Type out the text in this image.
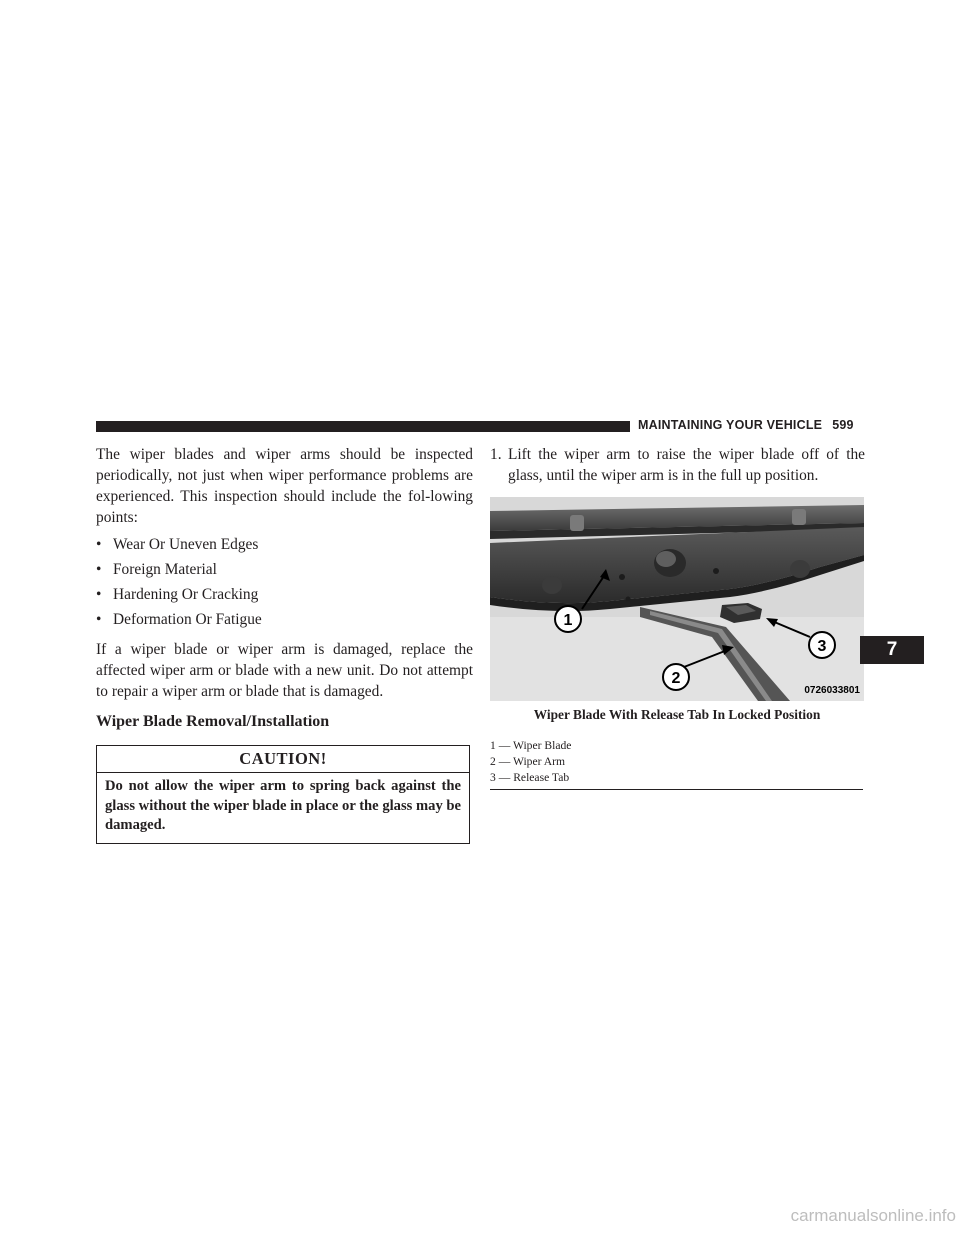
MAINTAINING YOUR VEHICLE 599

The wiper blades and wiper arms should be inspected periodically, not just when wiper performance problems are experienced. This inspection should include the fol-lowing points:

• Wear Or Uneven Edges
• Foreign Material
• Hardening Or Cracking
• Deformation Or Fatigue

If a wiper blade or wiper arm is damaged, replace the affected wiper arm or blade with a new unit. Do not attempt to repair a wiper arm or blade that is damaged.

Wiper Blade Removal/Installation
CAUTION!
Do not allow the wiper arm to spring back against the glass without the wiper blade in place or the glass may be damaged.

1. Lift the wiper arm to raise the wiper blade off of the glass, until the wiper arm is in the full up position.

1
2
3
0726033801
Wiper Blade With Release Tab In Locked Position
1 — Wiper Blade
2 — Wiper Arm
3 — Release Tab
7
carmanualsonline.info
